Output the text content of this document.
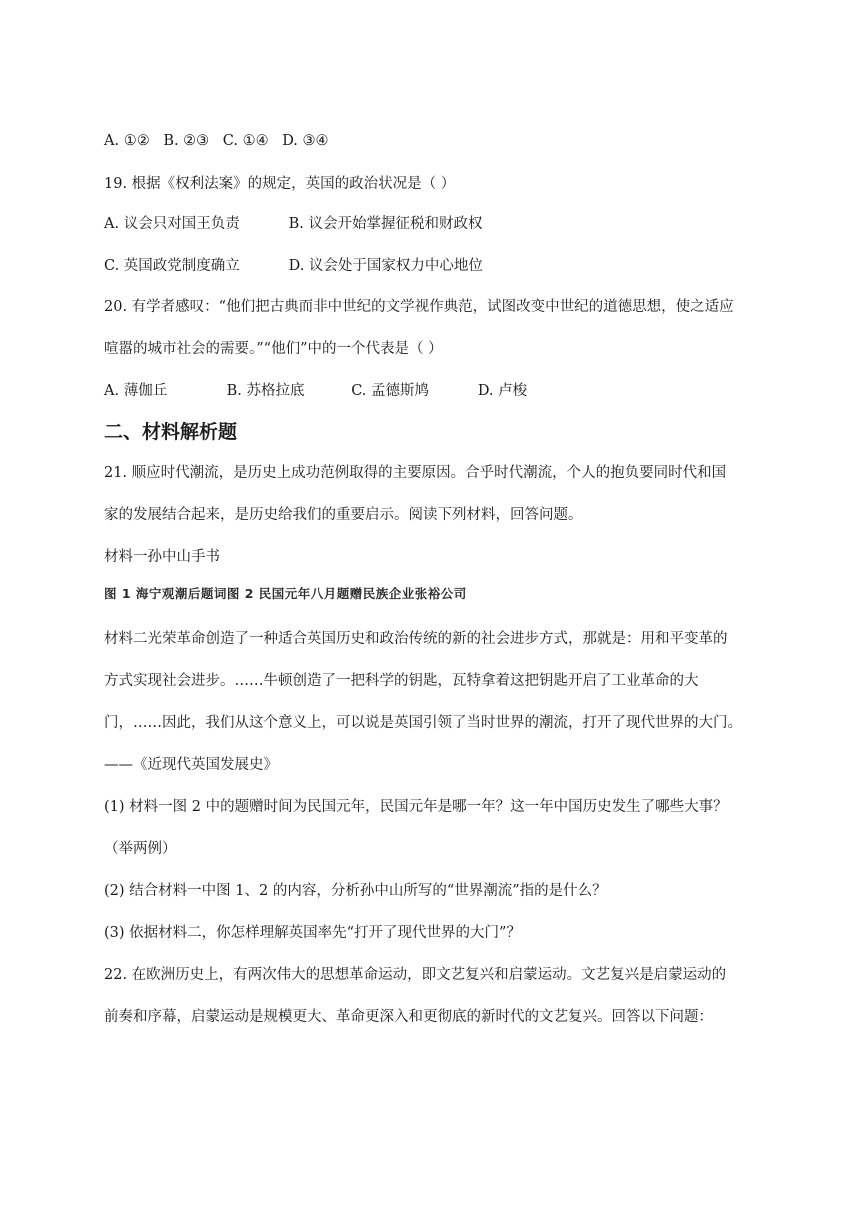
A. ①② B. ②③ C. ①④ D. ③④
19. 根据《权利法案》的规定，英国的政治状况是（ ）
A. 议会只对国王负责	B. 议会开始掌握征税和财政权
C. 英国政党制度确立	D. 议会处于国家权力中心地位
20. 有学者感叹：“他们把古典而非中世纪的文学视作典范，试图改变中世纪的道德思想，使之适应
喧嚣的城市社会的需要。”“他们”中的一个代表是（ ）
A. 薄伽丘	B. 苏格拉底	C. 孟德斯鸠	D. 卢梭
二、材料解析题
21. 顺应时代潮流，是历史上成功范例取得的主要原因。合乎时代潮流，个人的抱负要同时代和国
家的发展结合起来，是历史给我们的重要启示。阅读下列材料，回答问题。
材料一孙中山手书
图 1 海宁观潮后题词图 2 民国元年八月题赠民族企业张裕公司
材料二光荣革命创造了一种适合英国历史和政治传统的新的社会进步方式，那就是：用和平变革的
方式实现社会进步。……牛顿创造了一把科学的钥匙，瓦特拿着这把钥匙开启了工业革命的大
门，……因此，我们从这个意义上，可以说是英国引领了当时世界的潮流，打开了现代世界的大门。
——《近现代英国发展史》
(1) 材料一图 2 中的题赠时间为民国元年，民国元年是哪一年？这一年中国历史发生了哪些大事？
（举两例）
(2) 结合材料一中图 1、2 的内容，分析孙中山所写的“世界潮流”指的是什么？
(3) 依据材料二，你怎样理解英国率先“打开了现代世界的大门”？
22. 在欧洲历史上，有两次伟大的思想革命运动，即文艺复兴和启蒙运动。文艺复兴是启蒙运动的
前奏和序幕，启蒙运动是规模更大、革命更深入和更彻底的新时代的文艺复兴。回答以下问题：
